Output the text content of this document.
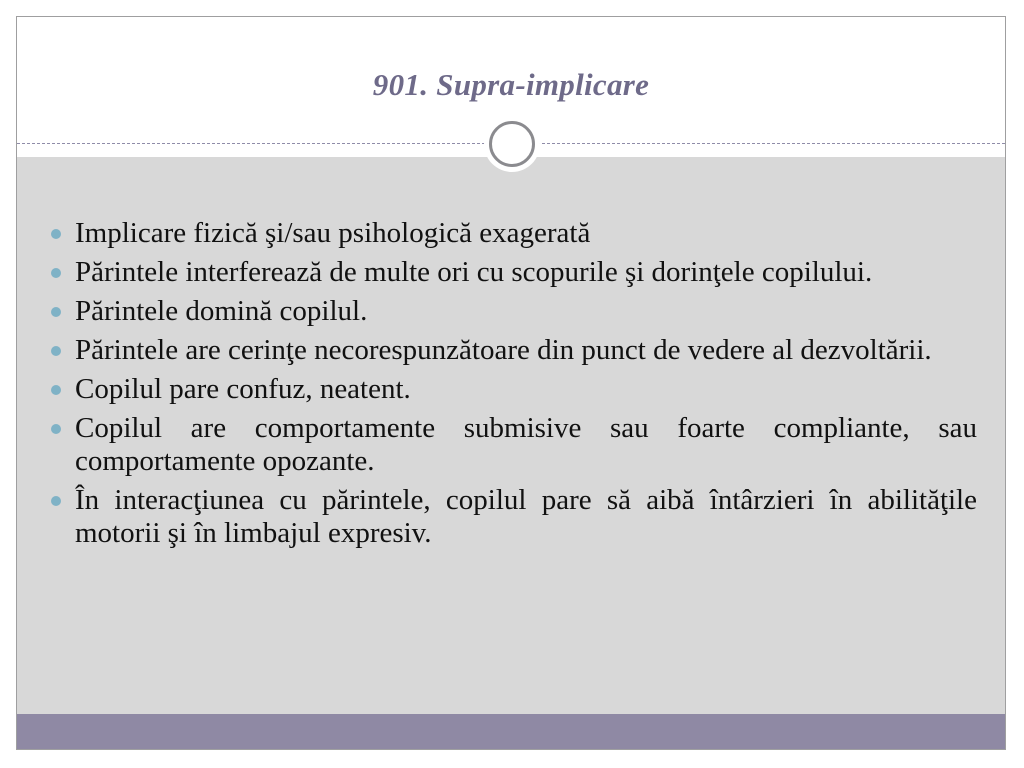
901. Supra-implicare
Implicare fizică şi/sau psihologică exagerată
Părintele interferează de multe ori cu scopurile şi dorinţele copilului.
Părintele domină copilul.
Părintele are cerinţe necorespunzătoare din punct de vedere al dezvoltării.
Copilul pare confuz, neatent.
Copilul are comportamente submisive sau foarte compliante, sau comportamente opozante.
În interacţiunea cu părintele, copilul pare să aibă întârzieri în abilităţile motorii şi în limbajul expresiv.
